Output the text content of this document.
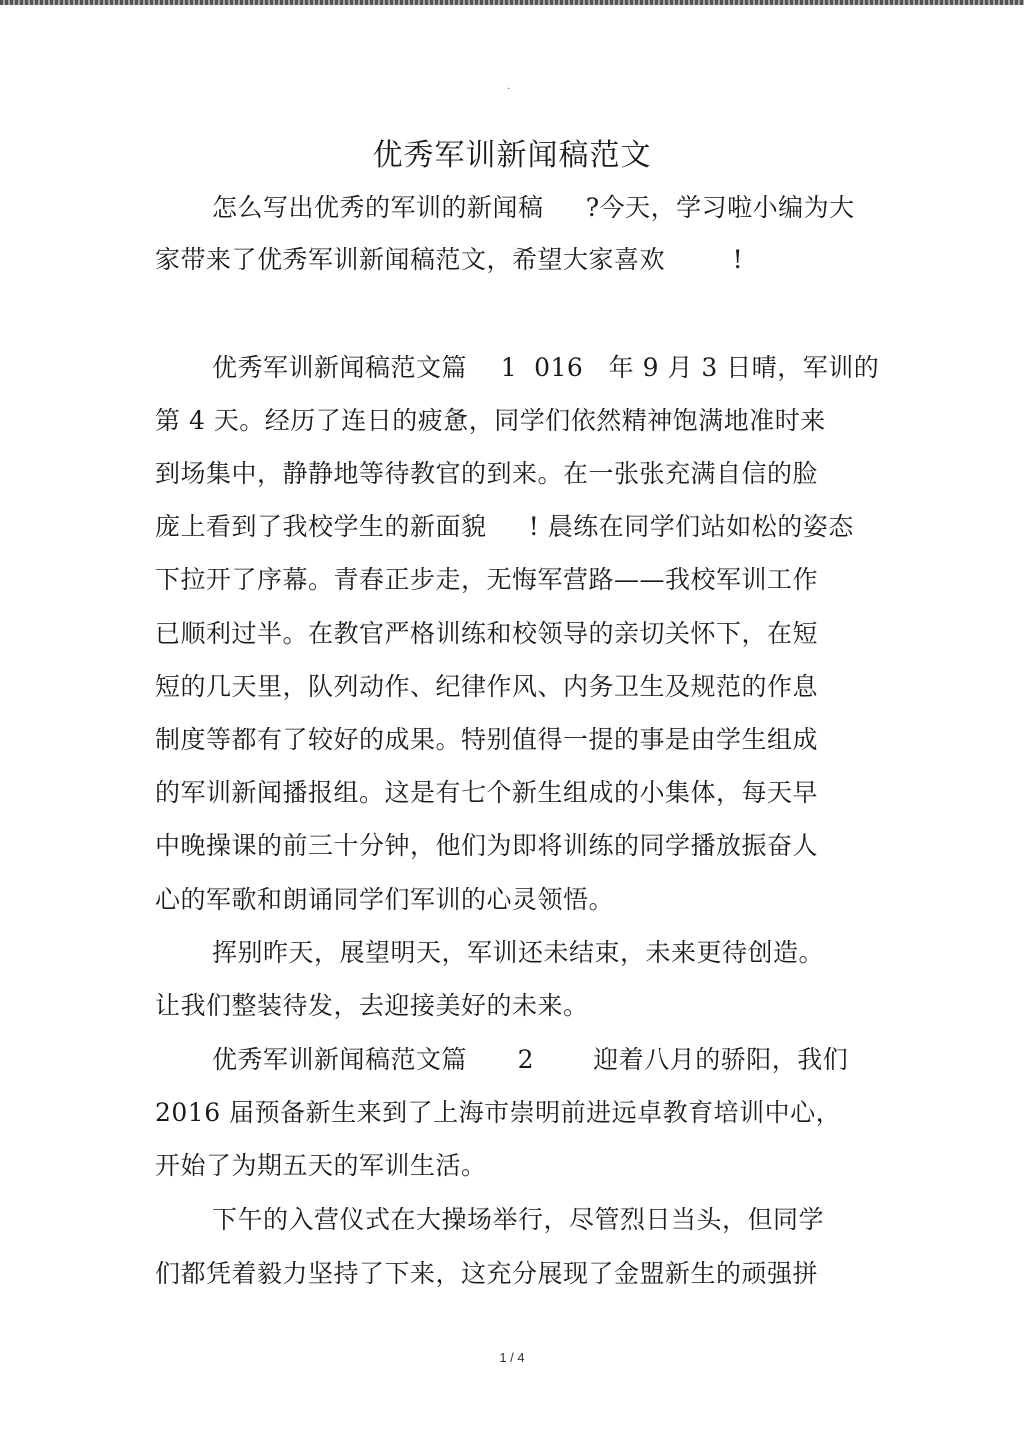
·
优秀军训新闻稿范文
怎么写出优秀的军训的新闻稿     ?今天，学习啦小编为大
家带来了优秀军训新闻稿范文，希望大家喜欢        !
优秀军训新闻稿范文篇    1  016   年 9 月 3 日晴，军训的
第 4 天。经历了连日的疲惫，同学们依然精神饱满地准时来
到场集中，静静地等待教官的到来。在一张张充满自信的脸
庞上看到了我校学生的新面貌     ! 晨练在同学们站如松的姿态
下拉开了序幕。青春正步走，无悔军营路——我校军训工作
已顺利过半。在教官严格训练和校领导的亲切关怀下，在短
短的几天里，队列动作、纪律作风、内务卫生及规范的作息
制度等都有了较好的成果。特别值得一提的事是由学生组成
的军训新闻播报组。这是有七个新生组成的小集体，每天早
中晚操课的前三十分钟，他们为即将训练的同学播放振奋人
心的军歌和朗诵同学们军训的心灵领悟。
挥别昨天，展望明天，军训还未结束，未来更待创造。
让我们整装待发，去迎接美好的未来。
优秀军训新闻稿范文篇      2       迎着八月的骄阳，我们
2016 届预备新生来到了上海市崇明前进远卓教育培训中心，
开始了为期五天的军训生活。
下午的入营仪式在大操场举行，尽管烈日当头，但同学
们都凭着毅力坚持了下来，这充分展现了金盟新生的顽强拼
1 / 4
